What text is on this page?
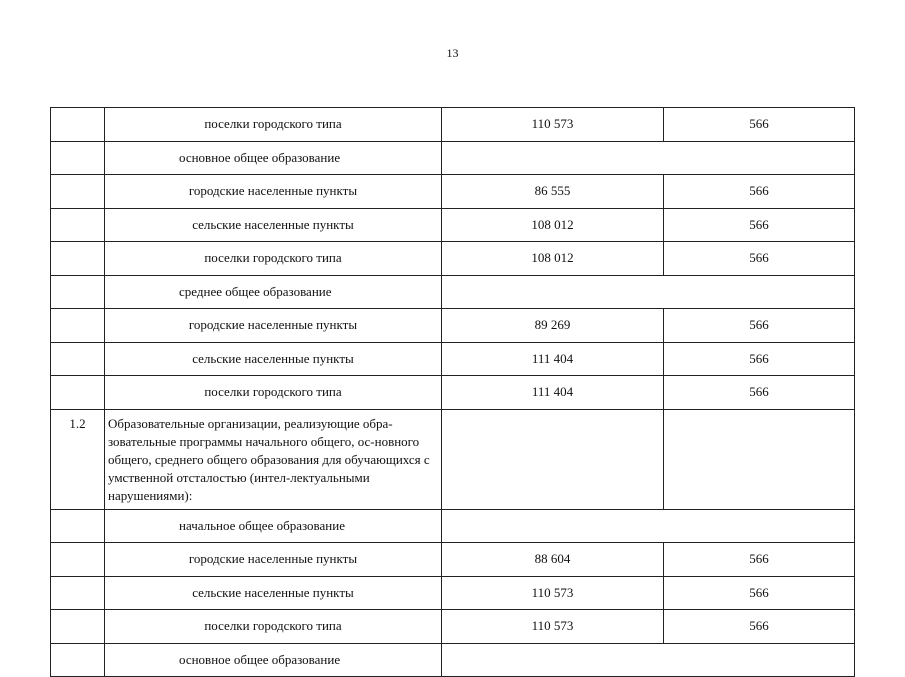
13
	поселки городского типа	110 573	566
	основное общее образование		
	городские населенные пункты	86 555	566
	сельские населенные пункты	108 012	566
	поселки городского типа	108 012	566
	среднее общее образование		
	городские населенные пункты	89 269	566
	сельские населенные пункты	111 404	566
	поселки городского типа	111 404	566
1.2	Образовательные организации, реализующие обра-зовательные программы начального общего, ос-новного общего, среднего общего образования для обучающихся с умственной отсталостью (интел-лектуальными нарушениями):		
	начальное общее образование		
	городские населенные пункты	88 604	566
	сельские населенные пункты	110 573	566
	поселки городского типа	110 573	566
	основное общее образование		
